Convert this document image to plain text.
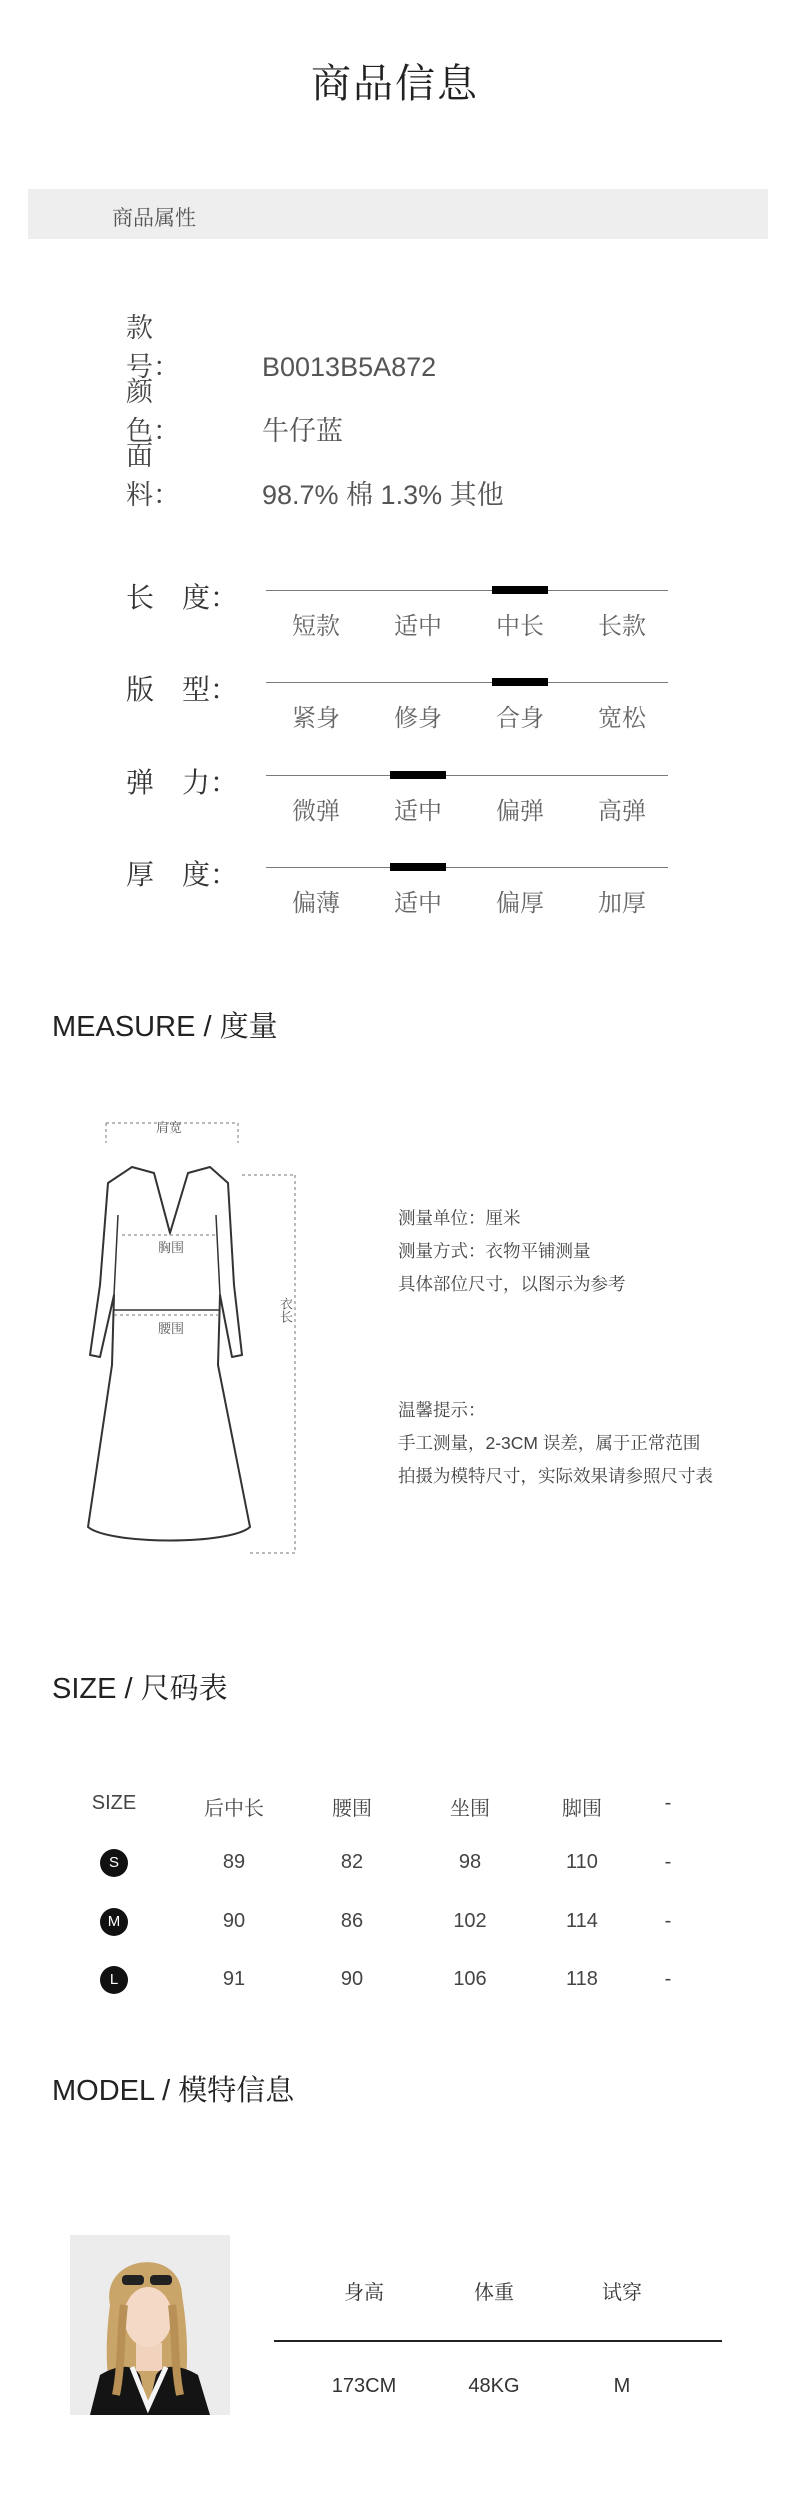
商品信息
商品属性
款　号：	B0013B5A872
颜　色：	牛仔蓝
面　料：	98.7% 棉 1.3% 其他
长　度：
短款	适中	中长	长款
版　型：
紧身	修身	合身	宽松
弹　力：
微弹	适中	偏弹	高弹
厚　度：
偏薄	适中	偏厚	加厚
MEASURE / 度量
肩宽
胸围
腰围
衣长
测量单位：厘米
测量方式：衣物平铺测量
具体部位尺寸，以图示为参考
温馨提示：
手工测量，2-3CM 误差，属于正常范围
拍摄为模特尺寸，实际效果请参照尺寸表
SIZE / 尺码表
SIZE	后中长	腰围	坐围	脚围	-
S	89	82	98	110	-
M	90	86	102	114	-
L	91	90	106	118	-
MODEL / 模特信息
身高	体重	试穿
173CM	48KG	M
